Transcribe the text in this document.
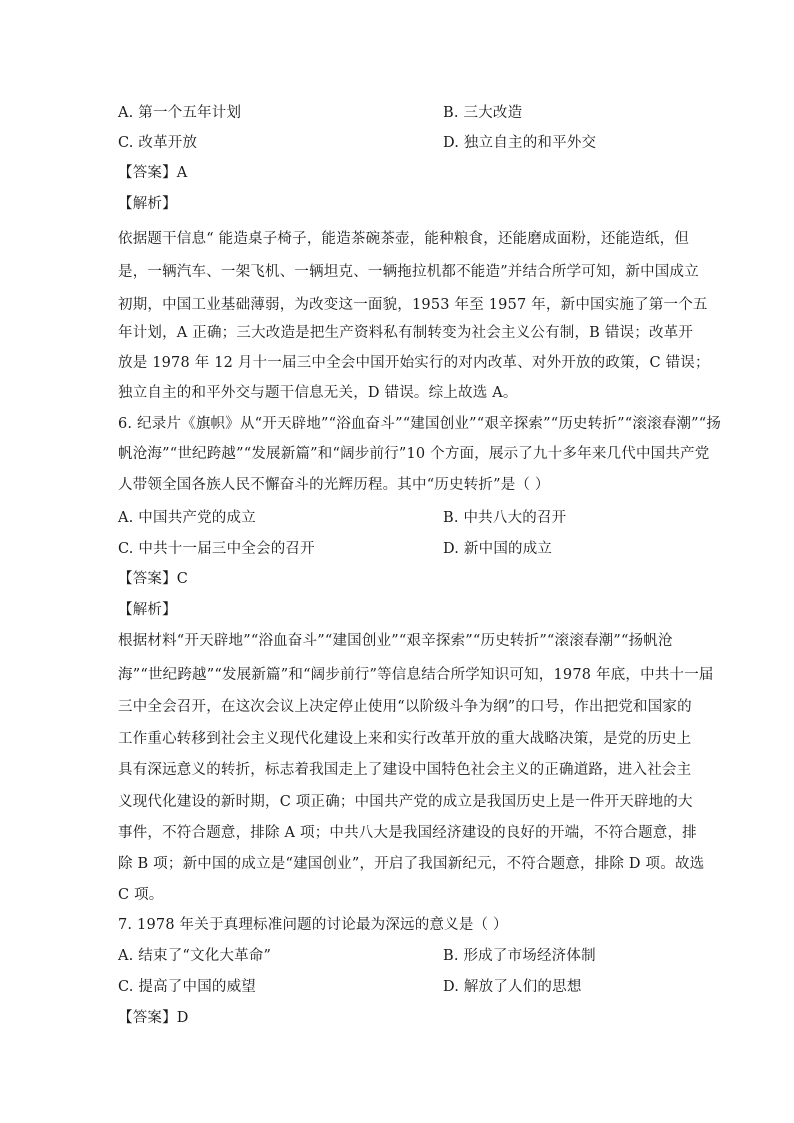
A. 第一个五年计划	B. 三大改造
C. 改革开放	D. 独立自主的和平外交
【答案】A
【解析】
依据题干信息“ 能造桌子椅子，能造茶碗茶壶，能种粮食，还能磨成面粉，还能造纸，但
是，一辆汽车、一架飞机、一辆坦克、一辆拖拉机都不能造”并结合所学可知，新中国成立
初期，中国工业基础薄弱，为改变这一面貌，1953 年至 1957 年，新中国实施了第一个五
年计划，A 正确；三大改造是把生产资料私有制转变为社会主义公有制，B 错误；改革开
放是 1978 年 12 月十一届三中全会中国开始实行的对内改革、对外开放的政策，C 错误；
独立自主的和平外交与题干信息无关，D 错误。综上故选 A。
6. 纪录片《旗帜》从“开天辟地”“浴血奋斗”“建国创业”“艰辛探索”“历史转折”“滚滚春潮”“扬
帆沧海”“世纪跨越”“发展新篇”和“阔步前行”10 个方面，展示了九十多年来几代中国共产党
人带领全国各族人民不懈奋斗的光辉历程。其中“历史转折”是（ ）
A. 中国共产党的成立	B. 中共八大的召开
C. 中共十一届三中全会的召开	D. 新中国的成立
【答案】C
【解析】
根据材料“开天辟地”“浴血奋斗”“建国创业”“艰辛探索”“历史转折”“滚滚春潮”“扬帆沧
海”“世纪跨越”“发展新篇”和“阔步前行”等信息结合所学知识可知，1978 年底，中共十一届
三中全会召开，在这次会议上决定停止使用“以阶级斗争为纲”的口号，作出把党和国家的
工作重心转移到社会主义现代化建设上来和实行改革开放的重大战略决策，是党的历史上
具有深远意义的转折，标志着我国走上了建设中国特色社会主义的正确道路，进入社会主
义现代化建设的新时期，C 项正确；中国共产党的成立是我国历史上是一件开天辟地的大
事件，不符合题意，排除 A 项；中共八大是我国经济建设的良好的开端，不符合题意，排
除 B 项；新中国的成立是“建国创业”，开启了我国新纪元，不符合题意，排除 D 项。故选
C 项。
7. 1978 年关于真理标准问题的讨论最为深远的意义是（ ）
A. 结束了“文化大革命”	B. 形成了市场经济体制
C. 提高了中国的威望	D. 解放了人们的思想
【答案】D
